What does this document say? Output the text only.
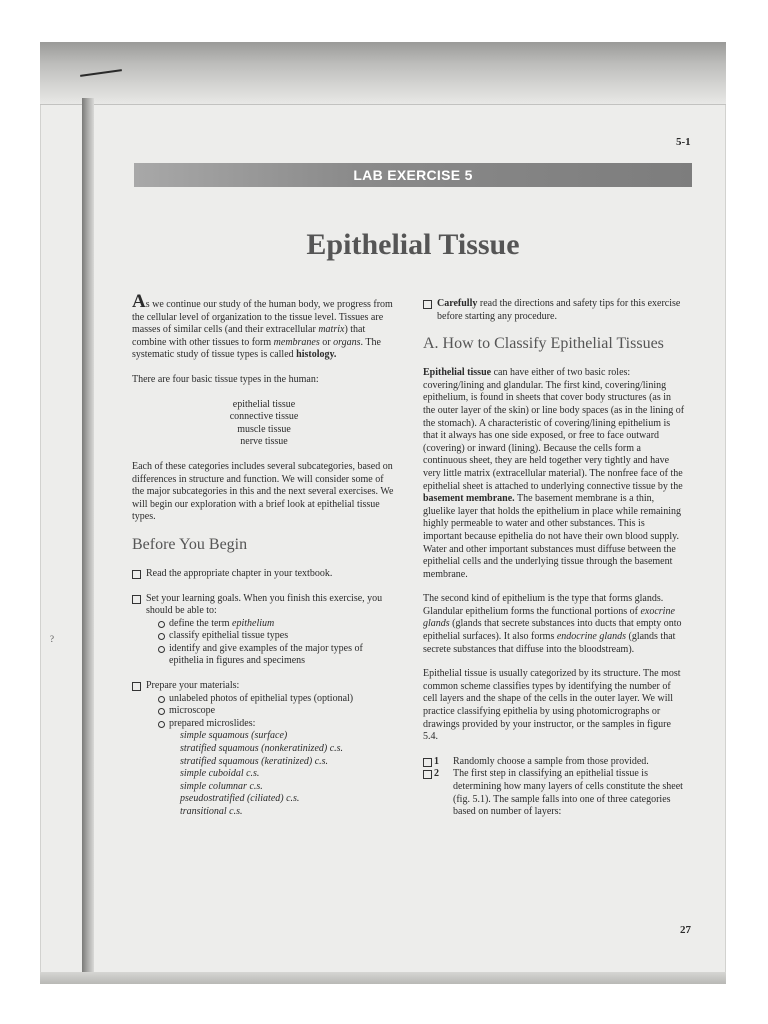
5-1
LAB EXERCISE 5
Epithelial Tissue
?

As we continue our study of the human body, we progress from the cellular level of organization to the tissue level. Tissues are masses of similar cells (and their extracellular matrix) that combine with other tissues to form membranes or organs. The systematic study of tissue types is called histology.

There are four basic tissue types in the human:

epithelial tissue
connective tissue
muscle tissue
nerve tissue

Each of these categories includes several subcategories, based on differences in structure and function. We will consider some of the major subcategories in this and the next several exercises. We will begin our exploration with a brief look at epithelial tissue types.

Before You Begin
Read the appropriate chapter in your textbook.
Set your learning goals. When you finish this exercise, you should be able to:
define the term epithelium
classify epithelial tissue types
identify and give examples of the major types of epithelia in figures and specimens
Prepare your materials:
unlabeled photos of epithelial types (optional)
microscope
prepared microslides:
simple squamous (surface)
stratified squamous (nonkeratinized) c.s.
stratified squamous (keratinized) c.s.
simple cuboidal c.s.
simple columnar c.s.
pseudostratified (ciliated) c.s.
transitional c.s.
Carefully read the directions and safety tips for this exercise before starting any procedure.
A. How to Classify Epithelial Tissues

Epithelial tissue can have either of two basic roles: covering/lining and glandular. The first kind, covering/lining epithelium, is found in sheets that cover body structures (as in the outer layer of the skin) or line body spaces (as in the lining of the stomach). A characteristic of covering/lining epithelium is that it always has one side exposed, or free to face outward (covering) or inward (lining). Because the cells form a continuous sheet, they are held together very tightly and have very little matrix (extracellular material). The nonfree face of the epithelial sheet is attached to underlying connective tissue by the basement membrane. The basement membrane is a thin, gluelike layer that holds the epithelium in place while remaining highly permeable to water and other substances. This is important because epithelia do not have their own blood supply. Water and other important substances must diffuse between the epithelial cells and the underlying tissue through the basement membrane.

The second kind of epithelium is the type that forms glands. Glandular epithelium forms the functional portions of exocrine glands (glands that secrete substances into ducts that empty onto epithelial surfaces). It also forms endocrine glands (glands that secrete substances that diffuse into the bloodstream).

Epithelial tissue is usually categorized by its structure. The most common scheme classifies types by identifying the number of cell layers and the shape of the cells in the outer layer. We will practice classifying epithelia by using photomicrographs or drawings provided by your instructor, or the samples in figure 5.4.

1 Randomly choose a sample from those provided.
2 The first step in classifying an epithelial tissue is determining how many layers of cells constitute the sheet (fig. 5.1). The sample falls into one of three categories based on number of layers:
27
